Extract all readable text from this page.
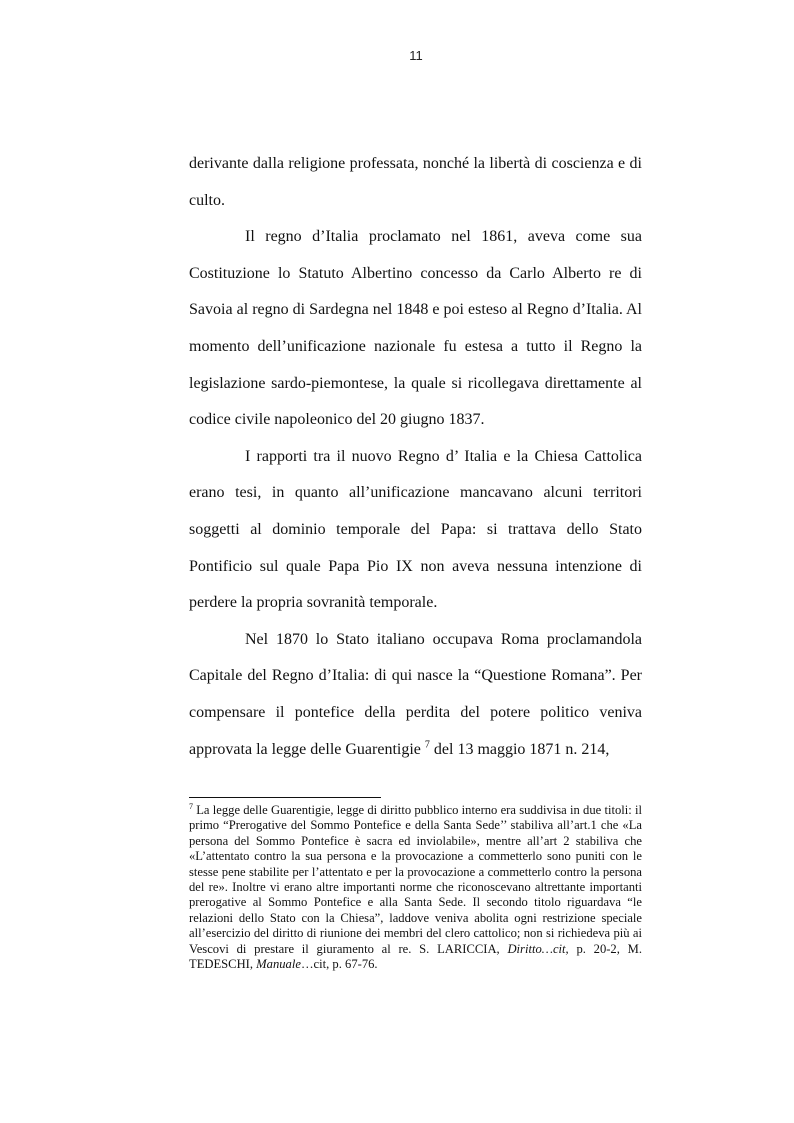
11

derivante dalla religione professata, nonché la libertà di coscienza e di culto.

Il regno d’Italia proclamato nel 1861, aveva come sua Costituzione lo Statuto Albertino concesso da Carlo Alberto re di Savoia al regno di Sardegna nel 1848 e poi esteso al Regno d’Italia. Al momento dell’unificazione nazionale fu estesa a tutto il Regno la legislazione sardo-piemontese, la quale si ricollegava direttamente al codice civile napoleonico del 20 giugno 1837.

I rapporti tra il nuovo Regno d’ Italia e la Chiesa Cattolica erano tesi, in quanto all’unificazione mancavano alcuni territori soggetti al dominio temporale del Papa: si trattava dello Stato Pontificio sul quale Papa Pio IX non aveva nessuna intenzione di perdere la propria sovranità temporale.

Nel 1870 lo Stato italiano occupava Roma proclamandola Capitale del Regno d’Italia: di qui nasce la “Questione Romana”. Per compensare il pontefice della perdita del potere politico veniva approvata la legge delle Guarentigie $^7$ del 13 maggio 1871 n. 214,

$^7$ La legge delle Guarentigie, legge di diritto pubblico interno era suddivisa in due titoli: il primo “Prerogative del Sommo Pontefice e della Santa Sede’’ stabiliva all’art.1 che «La persona del Sommo Pontefice è sacra ed inviolabile», mentre all’art 2 stabiliva che «L’attentato contro la sua persona e la provocazione a commetterlo sono puniti con le stesse pene stabilite per l’attentato e per la provocazione a commetterlo contro la persona del re». Inoltre vi erano altre importanti norme che riconoscevano altrettante importanti prerogative al Sommo Pontefice e alla Santa Sede. Il secondo titolo riguardava “le relazioni dello Stato con la Chiesa”, laddove veniva abolita ogni restrizione speciale all’esercizio del diritto di riunione dei membri del clero cattolico; non si richiedeva più ai Vescovi di prestare il giuramento al re. S. LARICCIA, Diritto…cit, p. 20-2, M. TEDESCHI, Manuale…cit, p. 67-76.
